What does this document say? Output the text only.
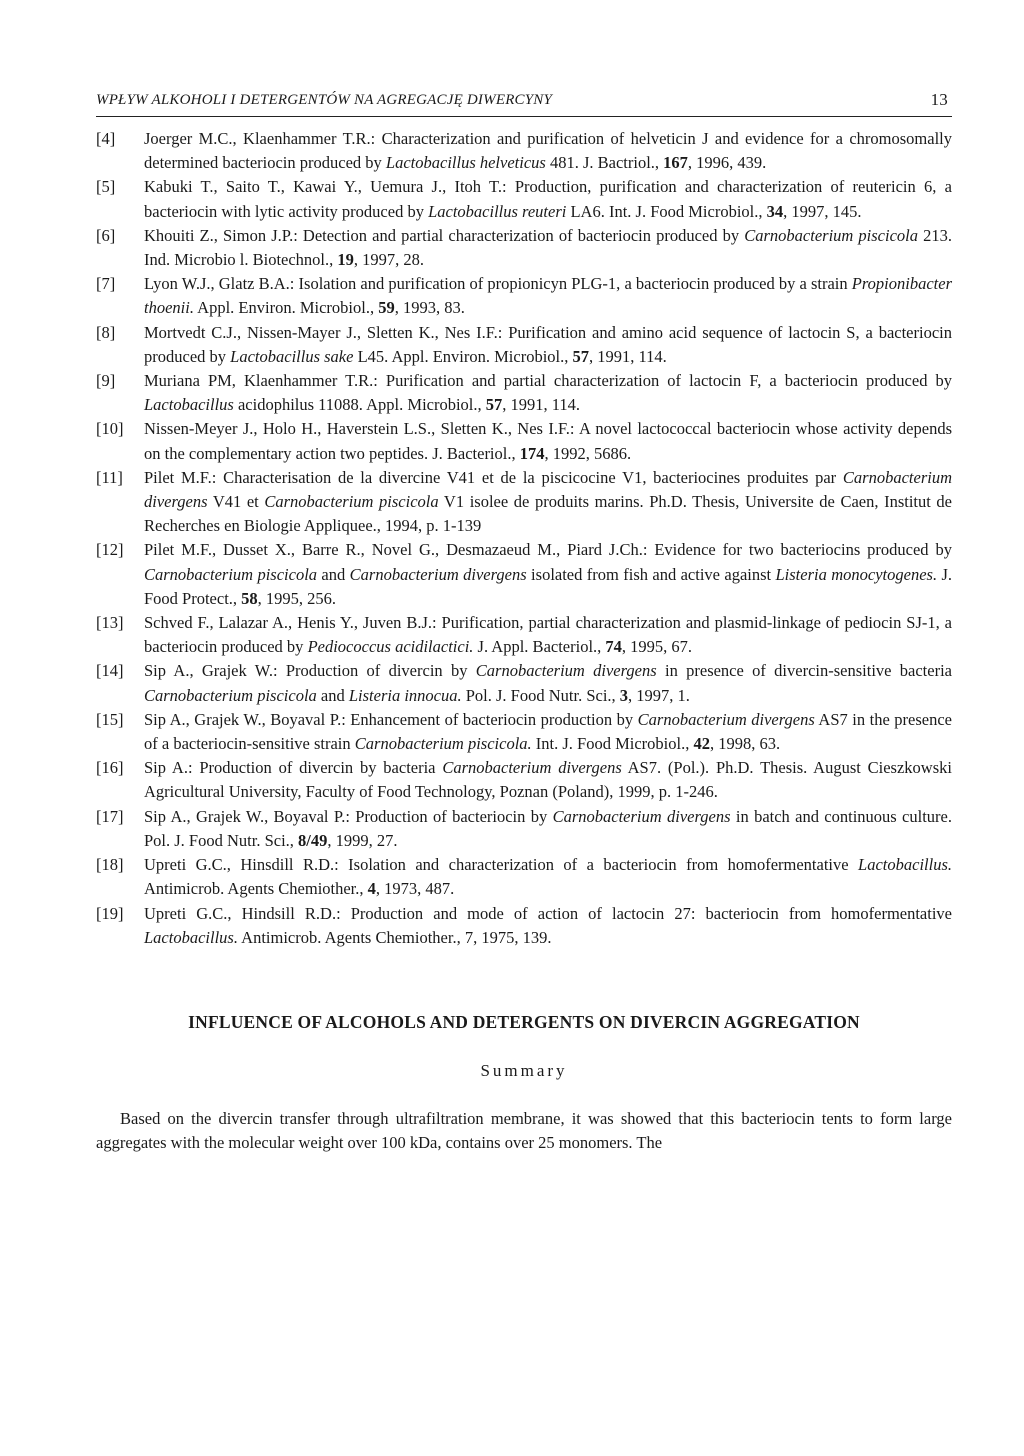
WPŁYW ALKOHOLI I DETERGENTÓW NA AGREGACJĘ DIWERCYNY	13
[4] Joerger M.C., Klaenhammer T.R.: Characterization and purification of helveticin J and evidence for a chromosomally determined bacteriocin produced by Lactobacillus helveticus 481. J. Bactriol., 167, 1996, 439.
[5] Kabuki T., Saito T., Kawai Y., Uemura J., Itoh T.: Production, purification and characterization of reutericin 6, a bacteriocin with lytic activity produced by Lactobacillus reuteri LA6. Int. J. Food Microbiol., 34, 1997, 145.
[6] Khouiti Z., Simon J.P.: Detection and partial characterization of bacteriocin produced by Carnobacterium piscicola 213. Ind. Microbio l. Biotechnol., 19, 1997, 28.
[7] Lyon W.J., Glatz B.A.: Isolation and purification of propionicyn PLG-1, a bacteriocin produced by a strain Propionibacter thoenii. Appl. Environ. Microbiol., 59, 1993, 83.
[8] Mortvedt C.J., Nissen-Mayer J., Sletten K., Nes I.F.: Purification and amino acid sequence of lactocin S, a bacteriocin produced by Lactobacillus sake L45. Appl. Environ. Microbiol., 57, 1991, 114.
[9] Muriana PM, Klaenhammer T.R.: Purification and partial characterization of lactocin F, a bacteriocin produced by Lactobacillus acidophilus 11088. Appl. Microbiol., 57, 1991, 114.
[10] Nissen-Meyer J., Holo H., Haverstein L.S., Sletten K., Nes I.F.: A novel lactococcal bacteriocin whose activity depends on the complementary action two peptides. J. Bacteriol., 174, 1992, 5686.
[11] Pilet M.F.: Characterisation de la divercine V41 et de la piscicocine V1, bacteriocines produites par Carnobacterium divergens V41 et Carnobacterium piscicola V1 isolee de produits marins. Ph.D. Thesis, Universite de Caen, Institut de Recherches en Biologie Appliquee., 1994, p. 1-139
[12] Pilet M.F., Dusset X., Barre R., Novel G., Desmazaeud M., Piard J.Ch.: Evidence for two bacteriocins produced by Carnobacterium piscicola and Carnobacterium divergens isolated from fish and active against Listeria monocytogenes. J. Food Protect., 58, 1995, 256.
[13] Schved F., Lalazar A., Henis Y., Juven B.J.: Purification, partial characterization and plasmid-linkage of pediocin SJ-1, a bacteriocin produced by Pediococcus acidilactici. J. Appl. Bacteriol., 74, 1995, 67.
[14] Sip A., Grajek W.: Production of divercin by Carnobacterium divergens in presence of divercin-sensitive bacteria Carnobacterium piscicola and Listeria innocua. Pol. J. Food Nutr. Sci., 3, 1997, 1.
[15] Sip A., Grajek W., Boyaval P.: Enhancement of bacteriocin production by Carnobacterium divergens AS7 in the presence of a bacteriocin-sensitive strain Carnobacterium piscicola. Int. J. Food Microbiol., 42, 1998, 63.
[16] Sip A.: Production of divercin by bacteria Carnobacterium divergens AS7. (Pol.). Ph.D. Thesis. August Cieszkowski Agricultural University, Faculty of Food Technology, Poznan (Poland), 1999, p. 1-246.
[17] Sip A., Grajek W., Boyaval P.: Production of bacteriocin by Carnobacterium divergens in batch and continuous culture. Pol. J. Food Nutr. Sci., 8/49, 1999, 27.
[18] Upreti G.C., Hinsdill R.D.: Isolation and characterization of a bacteriocin from homofermentative Lactobacillus. Antimicrob. Agents Chemiother., 4, 1973, 487.
[19] Upreti G.C., Hindsill R.D.: Production and mode of action of lactocin 27: bacteriocin from homofermentative Lactobacillus. Antimicrob. Agents Chemiother., 7, 1975, 139.
INFLUENCE OF ALCOHOLS AND DETERGENTS ON DIVERCIN AGGREGATION
Summary
Based on the divercin transfer through ultrafiltration membrane, it was showed that this bacteriocin tents to form large aggregates with the molecular weight over 100 kDa, contains over 25 monomers. The
